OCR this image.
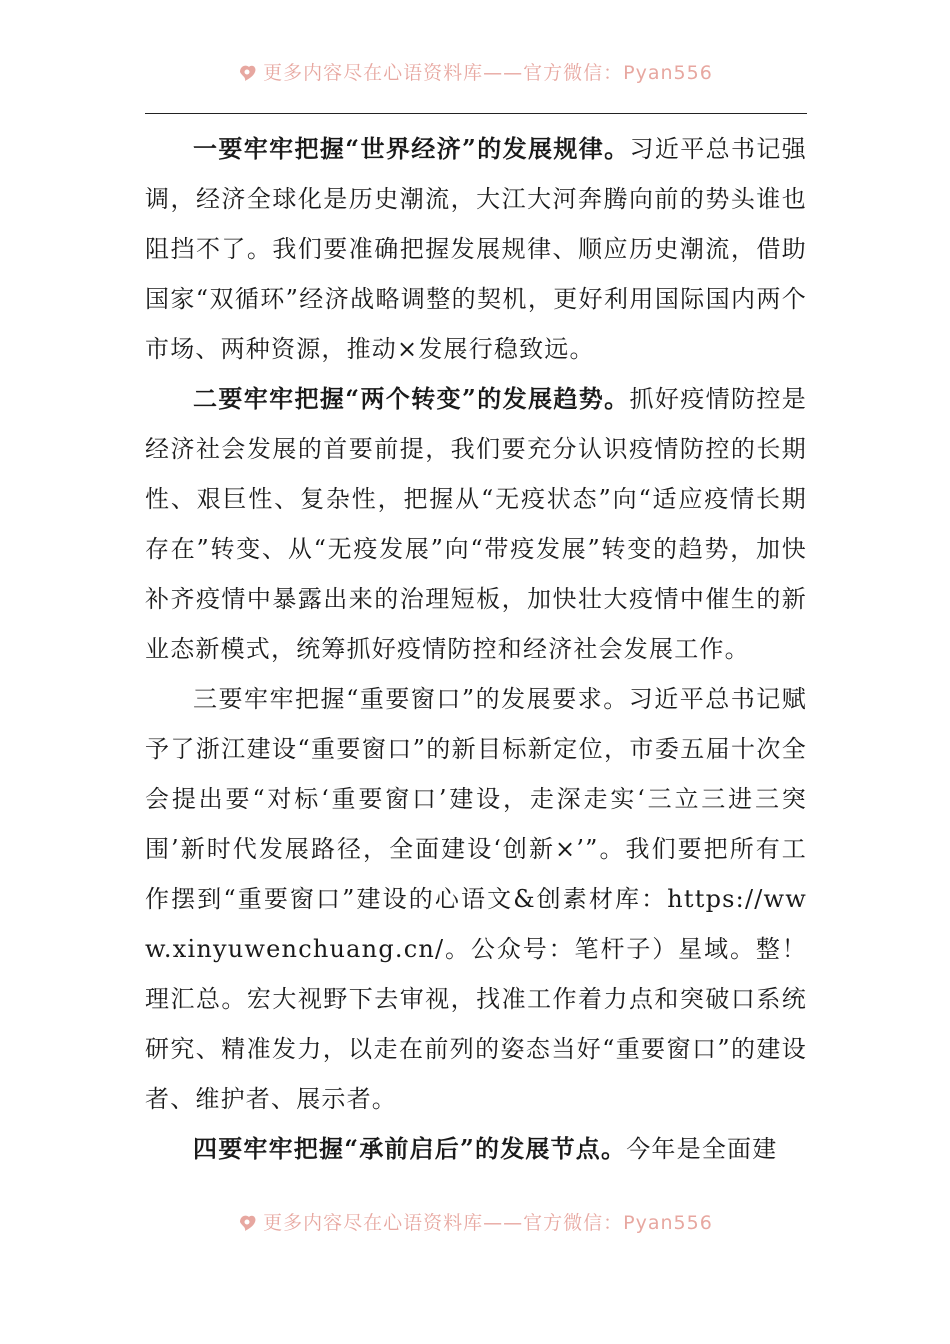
更多内容尽在心语资料库——官方微信：Pyan556

一要牢牢把握“世界经济”的发展规律。习近平总书记强调，经济全球化是历史潮流，大江大河奔腾向前的势头谁也阻挡不了。我们要准确把握发展规律、顺应历史潮流，借助国家“双循环”经济战略调整的契机，更好利用国际国内两个市场、两种资源，推动×发展行稳致远。

二要牢牢把握“两个转变”的发展趋势。抓好疫情防控是经济社会发展的首要前提，我们要充分认识疫情防控的长期性、艰巨性、复杂性，把握从“无疫状态”向“适应疫情长期存在”转变、从“无疫发展”向“带疫发展”转变的趋势，加快补齐疫情中暴露出来的治理短板，加快壮大疫情中催生的新业态新模式，统筹抓好疫情防控和经济社会发展工作。

三要牢牢把握“重要窗口”的发展要求。习近平总书记赋予了浙江建设“重要窗口”的新目标新定位，市委五届十次全会提出要“对标‘重要窗口’建设，走深走实‘三立三进三突围’新时代发展路径，全面建设‘创新×’”。我们要把所有工作摆到“重要窗口”建设的心语文&创素材库：https://www.xinyuwenchuang.cn/。公众号：笔杆子）星域。整！理汇总。宏大视野下去审视，找准工作着力点和突破口系统研究、精准发力，以走在前列的姿态当好“重要窗口”的建设者、维护者、展示者。

四要牢牢把握“承前启后”的发展节点。今年是全面建

更多内容尽在心语资料库——官方微信：Pyan556
